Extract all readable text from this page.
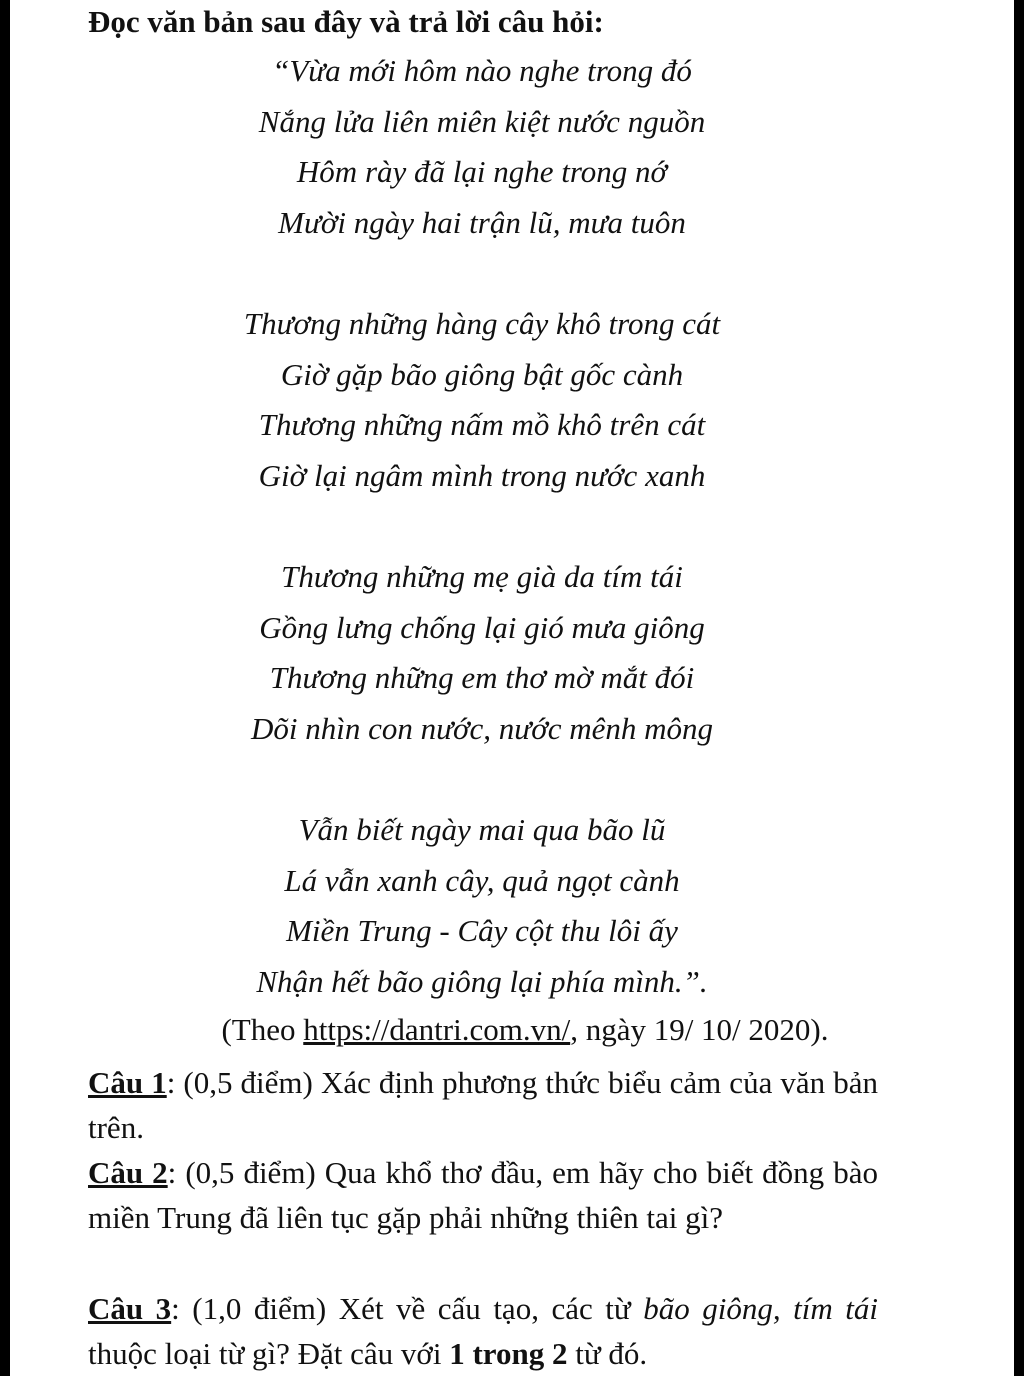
Đọc văn bản sau đây và trả lời câu hỏi:
“Vừa mới hôm nào nghe trong đó
Nắng lửa liên miên kiệt nước nguồn
Hôm rày đã lại nghe trong nớ
Mười ngày hai trận lũ, mưa tuôn
Thương những hàng cây khô trong cát
Giờ gặp bão giông bật gốc cành
Thương những nấm mồ khô trên cát
Giờ lại ngâm mình trong nước xanh
Thương những mẹ già da tím tái
Gồng lưng chống lại gió mưa giông
Thương những em thơ mờ mắt đói
Dõi nhìn con nước, nước mênh mông
Vẫn biết ngày mai qua bão lũ
Lá vẫn xanh cây, quả ngọt cành
Miền Trung - Cây cột thu lôi ấy
Nhận hết bão giông lại phía mình.”.
(Theo https://dantri.com.vn/, ngày 19/ 10/ 2020).
Câu 1: (0,5 điểm) Xác định phương thức biểu cảm của văn bản trên.
Câu 2: (0,5 điểm) Qua khổ thơ đầu, em hãy cho biết đồng bào miền Trung đã liên tục gặp phải những thiên tai gì?
Câu 3: (1,0 điểm) Xét về cấu tạo, các từ bão giông, tím tái thuộc loại từ gì? Đặt câu với 1 trong 2 từ đó.
